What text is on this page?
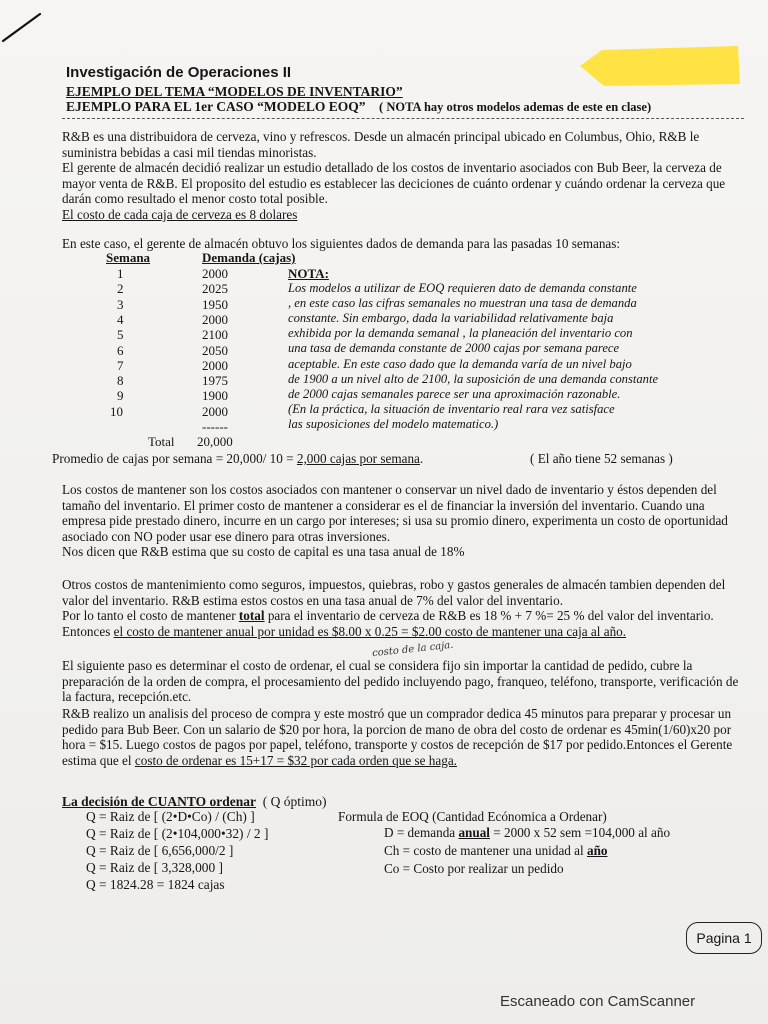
Investigación de Operaciones II
EJEMPLO DEL TEMA “MODELOS DE INVENTARIO”
EJEMPLO PARA EL 1er CASO “MODELO EOQ” ( NOTA hay otros modelos ademas de este en clase)
R&B es una distribuidora de cerveza, vino y refrescos. Desde un almacén principal ubicado en Columbus, Ohio, R&B le suministra bebidas a casi mil tiendas minoristas.
El gerente de almacén decidió realizar un estudio detallado de los costos de inventario asociados con Bub Beer, la cerveza de mayor venta de R&B. El proposito del estudio es establecer las deciciones de cuánto ordenar y cuándo ordenar la cerveza que darán como resultado el menor costo total posible.
El costo de cada caja de cerveza es 8 dolares
En este caso, el gerente de almacén obtuvo los siguientes dados de demanda para las pasadas 10 semanas:
Semana	Demanda (cajas)
1	2000
2	2025
3	1950
4	2000
5	2100
6	2050
7	2000
8	1975
9	1900
10	2000
------
Total 20,000
NOTA:
Los modelos a utilizar de EOQ requieren dato de demanda constante
, en este caso las cifras semanales no muestran una tasa de demanda
constante. Sin embargo, dada la variabilidad relativamente baja
exhibida por la demanda semanal , la planeación del inventario con
una tasa de demanda constante de 2000 cajas por semana parece
aceptable. En este caso dado que la demanda varía de un nivel bajo
de 1900 a un nivel alto de 2100, la suposición de una demanda constante
de 2000 cajas semanales parece ser una aproximación razonable.
(En la práctica, la situación de inventario real rara vez satisface
las suposiciones del modelo matematico.)
Promedio de cajas por semana = 20,000/ 10 = 2,000 cajas por semana.	( El año tiene 52 semanas )
Los costos de mantener son los costos asociados con mantener o conservar un nivel dado de inventario y éstos dependen del tamaño del inventario. El primer costo de mantener a considerar es el de financiar la inversión del inventario. Cuando una empresa pide prestado dinero, incurre en un cargo por intereses; si usa su promio dinero, experimenta un costo de oportunidad asociado con NO poder usar ese dinero para otras inversiones.
Nos dicen que R&B estima que su costo de capital es una tasa anual de 18%
Otros costos de mantenimiento como seguros, impuestos, quiebras, robo y gastos generales de almacén tambien dependen del valor del inventario. R&B estima estos costos en una tasa anual de 7% del valor del inventario.
Por lo tanto el costo de mantener total para el inventario de cerveza de R&B es 18 % + 7 %= 25 % del valor del inventario. Entonces el costo de mantener anual por unidad es $8.00 x 0.25 = $2.00 costo de mantener una caja al año.
costo de la caja.
El siguiente paso es determinar el costo de ordenar, el cual se considera fijo sin importar la cantidad de pedido, cubre la preparación de la orden de compra, el procesamiento del pedido incluyendo pago, franqueo, teléfono, transporte, verificación de la factura, recepción.etc.
R&B realizo un analisis del proceso de compra y este mostró que un comprador dedica 45 minutos para preparar y procesar un pedido para Bub Beer. Con un salario de $20 por hora, la porcion de mano de obra del costo de ordenar es 45min(1/60)x20 por hora = $15. Luego costos de pagos por papel, teléfono, transporte y costos de recepción de $17 por pedido.Entonces el Gerente estima que el costo de ordenar es 15+17 = $32 por cada orden que se haga.
La decisión de CUANTO ordenar ( Q óptimo)
Q = Raiz de [ (2•D•Co) / (Ch) ]
Q = Raiz de [ (2•104,000•32) / 2 ]
Q = Raiz de [ 6,656,000/2 ]
Q = Raiz de [ 3,328,000 ]
Q = 1824.28 = 1824 cajas
Formula de EOQ (Cantidad Ecónomica a Ordenar)
D = demanda anual = 2000 x 52 sem =104,000 al año
Ch = costo de mantener una unidad al año
Co = Costo por realizar un pedido
Pagina 1
Escaneado con CamScanner
